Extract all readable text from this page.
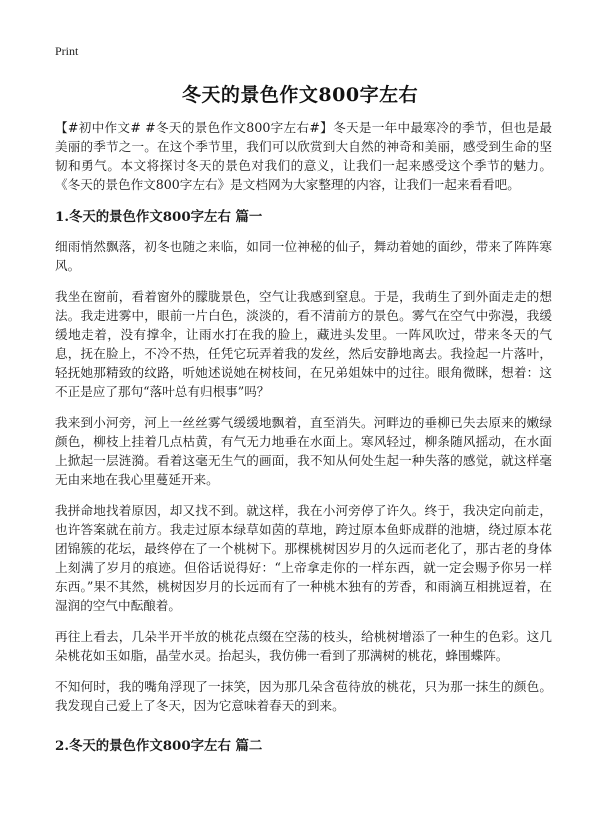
Print
冬天的景色作文800字左右

【#初中作文# #冬天的景色作文800字左右#】冬天是一年中最寒冷的季节，但也是最美丽的季节之一。在这个季节里，我们可以欣赏到大自然的神奇和美丽，感受到生命的坚韧和勇气。本文将探讨冬天的景色对我们的意义，让我们一起来感受这个季节的魅力。《冬天的景色作文800字左右》是文档网为大家整理的内容，让我们一起来看看吧。

1.冬天的景色作文800字左右 篇一

细雨悄然飘落，初冬也随之来临，如同一位神秘的仙子，舞动着她的面纱，带来了阵阵寒风。

我坐在窗前，看着窗外的朦胧景色，空气让我感到窒息。于是，我萌生了到外面走走的想法。我走进雾中，眼前一片白色，淡淡的，看不清前方的景色。雾气在空气中弥漫，我缓缓地走着，没有撑伞，让雨水打在我的脸上，藏进头发里。一阵风吹过，带来冬天的气息，抚在脸上，不冷不热，任凭它玩弄着我的发丝，然后安静地离去。我捡起一片落叶，轻抚她那精致的纹路，听她述说她在树枝间，在兄弟姐妹中的过往。眼角微眯，想着：这不正是应了那句“落叶总有归根事”吗？

我来到小河旁，河上一丝丝雾气缓缓地飘着，直至消失。河畔边的垂柳已失去原来的嫩绿颜色，柳枝上挂着几点枯黄，有气无力地垂在水面上。寒风轻过，柳条随风摇动，在水面上掀起一层涟漪。看着这毫无生气的画面，我不知从何处生起一种失落的感觉，就这样毫无由来地在我心里蔓延开来。

我拼命地找着原因，却又找不到。就这样，我在小河旁停了许久。终于，我决定向前走，也许答案就在前方。我走过原本绿草如茵的草地，跨过原本鱼虾成群的池塘，绕过原本花团锦簇的花坛，最终停在了一个桃树下。那棵桃树因岁月的久远而老化了，那古老的身体上刻满了岁月的痕迹。但俗话说得好：“上帝拿走你的一样东西，就一定会赐予你另一样东西。”果不其然，桃树因岁月的长远而有了一种桃木独有的芳香，和雨滴互相挑逗着，在湿润的空气中酝酿着。

再往上看去，几朵半开半放的桃花点缀在空荡的枝头，给桃树增添了一种生的色彩。这几朵桃花如玉如脂，晶莹水灵。抬起头，我仿佛一看到了那满树的桃花，蜂围蝶阵。

不知何时，我的嘴角浮现了一抹笑，因为那几朵含苞待放的桃花，只为那一抹生的颜色。我发现自己爱上了冬天，因为它意味着春天的到来。

2.冬天的景色作文800字左右 篇二
